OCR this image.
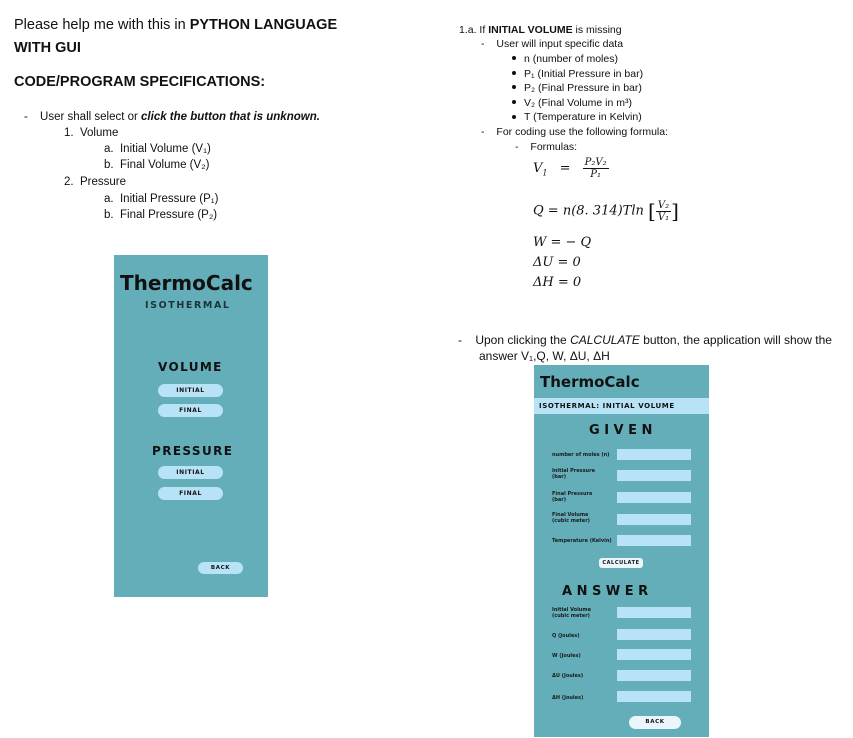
Please help me with this in PYTHON LANGUAGE
WITH GUI
CODE/PROGRAM SPECIFICATIONS:
- User shall select or click the button that is unknown.
1. Volume
a. Initial Volume (V₁)
b. Final Volume (V₂)
2. Pressure
a. Initial Pressure (P₁)
b. Final Pressure (P₂)
ThermoCalc
ISOTHERMAL
VOLUME
INITIAL
FINAL
PRESSURE
INITIAL
FINAL
BACK
1.a. If INITIAL VOLUME is missing
- User will input specific data
n (number of moles)
P₁ (Initial Pressure in bar)
P₂ (Final Pressure in bar)
V₂ (Final Volume in m³)
T (Temperature in Kelvin)
- For coding use the following formula:
- Formulas:
$V_1 = \frac{\text{P₂V₂}}{\text{P₁}}$
Q = n(8. 314)Tln [ $\frac{\text{V₂}}{\text{V₁}}$ ]
W = − Q
ΔU = 0
ΔH = 0
- Upon clicking the CALCULATE button, the application will show the
answer V₁,Q, W, ΔU, ΔH
ThermoCalc
ISOTHERMAL: INITIAL VOLUME
G I V E N
number of moles (n)
Initial Pressure
(bar)
Final Pressure
(bar)
Final Volume
(cubic meter)
Temperature (Kelvin)
CALCULATE
A N S W E R
Initial Volume
(cubic meter)
Q (Joules)
W (Joules)
ΔU (Joules)
ΔH (Joules)
BACK
